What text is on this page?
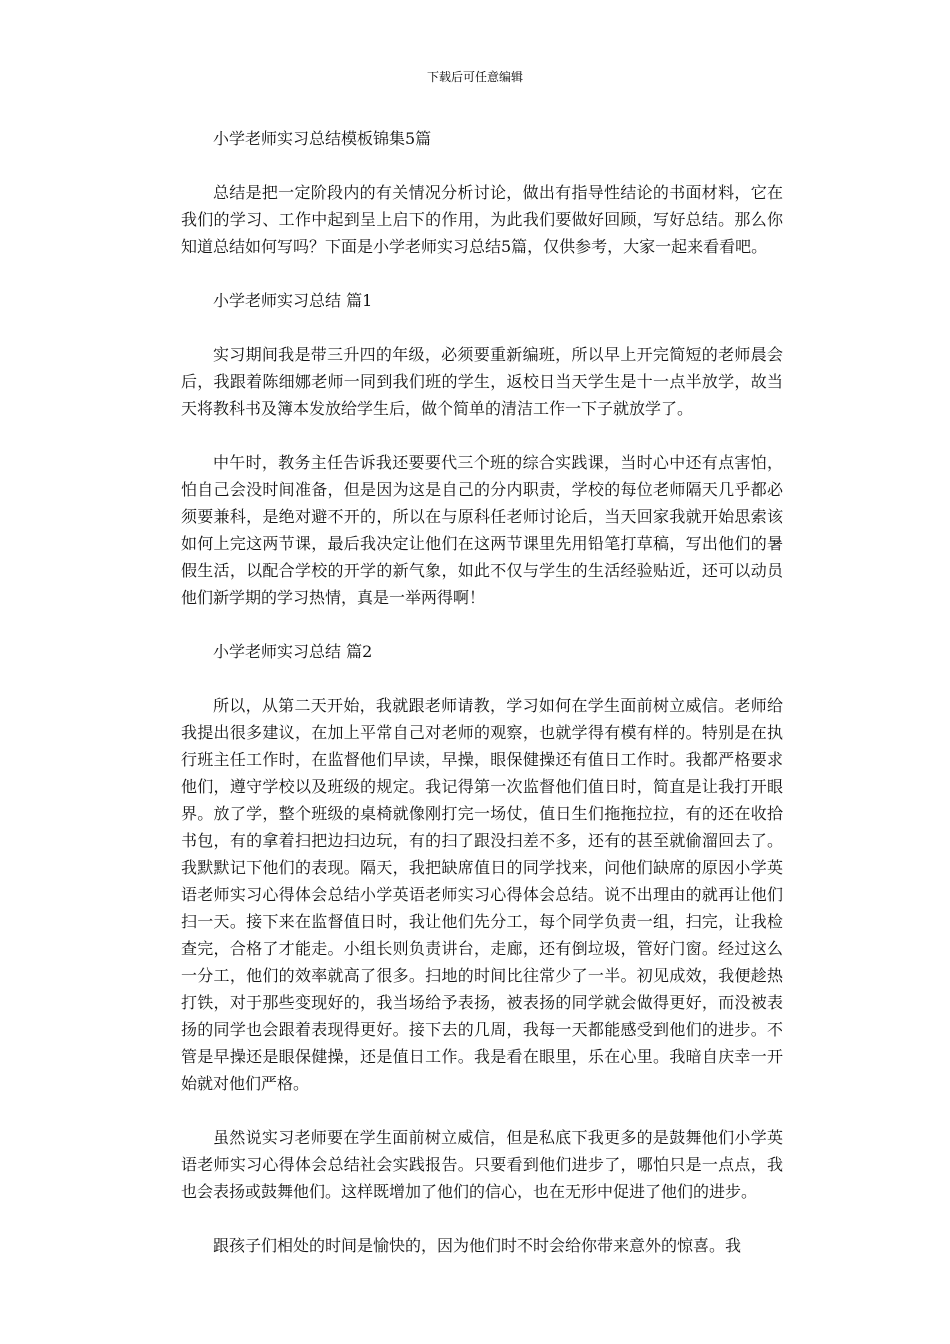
下载后可任意编辑

小学老师实习总结模板锦集5篇

总结是把一定阶段内的有关情况分析讨论，做出有指导性结论的书面材料，它在我们的学习、工作中起到呈上启下的作用，为此我们要做好回顾，写好总结。那么你知道总结如何写吗？下面是小学老师实习总结5篇，仅供参考，大家一起来看看吧。

小学老师实习总结 篇1

实习期间我是带三升四的年级，必须要重新编班，所以早上开完简短的老师晨会后，我跟着陈细娜老师一同到我们班的学生，返校日当天学生是十一点半放学，故当天将教科书及簿本发放给学生后，做个简单的清洁工作一下子就放学了。

中午时，教务主任告诉我还要要代三个班的综合实践课，当时心中还有点害怕，怕自己会没时间准备，但是因为这是自己的分内职责，学校的每位老师隔天几乎都必须要兼科，是绝对避不开的，所以在与原科任老师讨论后，当天回家我就开始思索该如何上完这两节课，最后我决定让他们在这两节课里先用铅笔打草稿，写出他们的暑假生活，以配合学校的开学的新气象，如此不仅与学生的生活经验贴近，还可以动员他们新学期的学习热情，真是一举两得啊！

小学老师实习总结 篇2

所以，从第二天开始，我就跟老师请教，学习如何在学生面前树立威信。老师给我提出很多建议，在加上平常自己对老师的观察，也就学得有模有样的。特别是在执行班主任工作时，在监督他们早读，早操，眼保健操还有值日工作时。我都严格要求他们，遵守学校以及班级的规定。我记得第一次监督他们值日时，简直是让我打开眼界。放了学，整个班级的桌椅就像刚打完一场仗，值日生们拖拖拉拉，有的还在收拾书包，有的拿着扫把边扫边玩，有的扫了跟没扫差不多，还有的甚至就偷溜回去了。我默默记下他们的表现。隔天，我把缺席值日的同学找来，问他们缺席的原因小学英语老师实习心得体会总结小学英语老师实习心得体会总结。说不出理由的就再让他们扫一天。接下来在监督值日时，我让他们先分工，每个同学负责一组，扫完，让我检查完，合格了才能走。小组长则负责讲台，走廊，还有倒垃圾，管好门窗。经过这么一分工，他们的效率就高了很多。扫地的时间比往常少了一半。初见成效，我便趁热打铁，对于那些变现好的，我当场给予表扬，被表扬的同学就会做得更好，而没被表扬的同学也会跟着表现得更好。接下去的几周，我每一天都能感受到他们的进步。不管是早操还是眼保健操，还是值日工作。我是看在眼里，乐在心里。我暗自庆幸一开始就对他们严格。

虽然说实习老师要在学生面前树立威信，但是私底下我更多的是鼓舞他们小学英语老师实习心得体会总结社会实践报告。只要看到他们进步了，哪怕只是一点点，我也会表扬或鼓舞他们。这样既增加了他们的信心，也在无形中促进了他们的进步。

跟孩子们相处的时间是愉快的，因为他们时不时会给你带来意外的惊喜。我
